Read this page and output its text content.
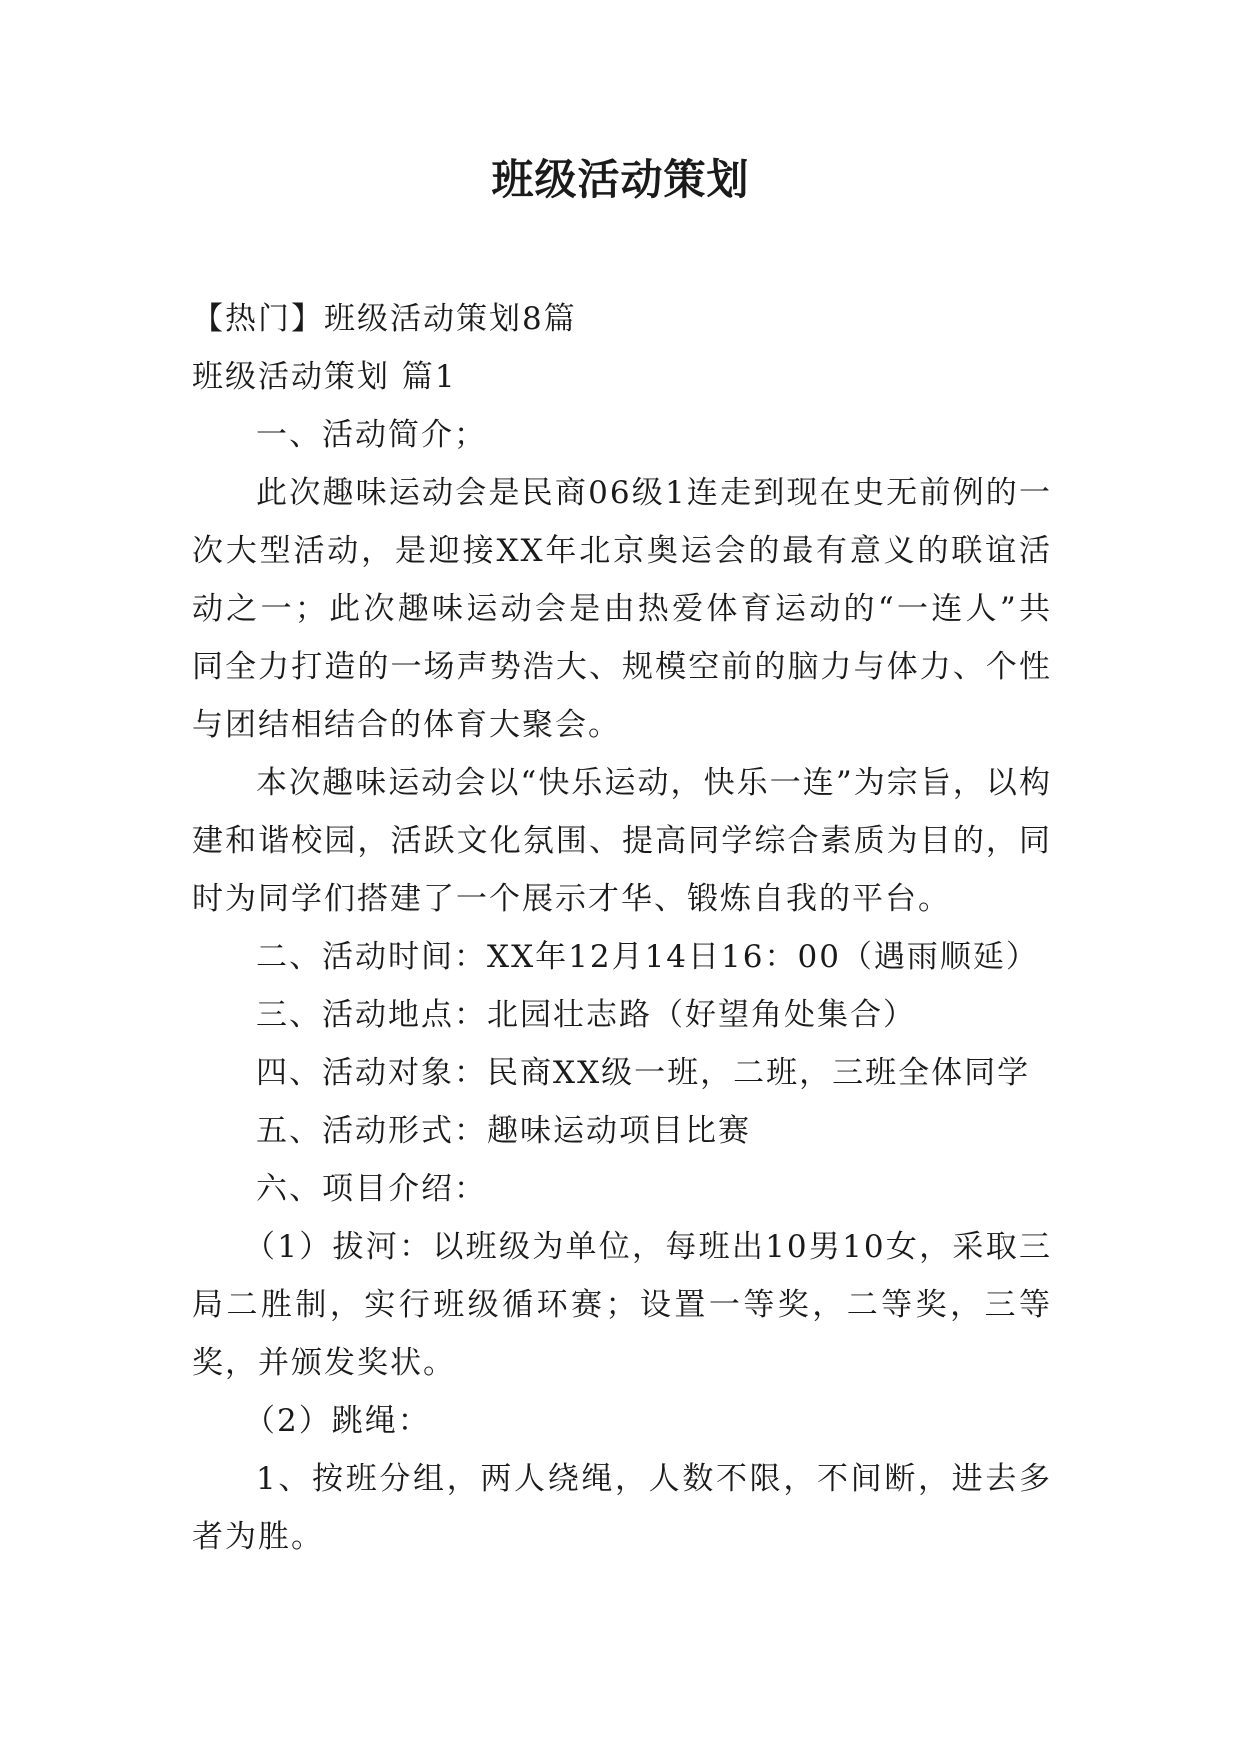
班级活动策划

【热门】班级活动策划8篇

班级活动策划 篇1

一、活动简介；

此次趣味运动会是民商06级1连走到现在史无前例的一次大型活动，是迎接XX年北京奥运会的最有意义的联谊活动之一；此次趣味运动会是由热爱体育运动的“一连人”共同全力打造的一场声势浩大、规模空前的脑力与体力、个性与团结相结合的体育大聚会。

本次趣味运动会以“快乐运动，快乐一连”为宗旨，以构建和谐校园，活跃文化氛围、提高同学综合素质为目的，同时为同学们搭建了一个展示才华、锻炼自我的平台。

二、活动时间：XX年12月14日16：00（遇雨顺延）

三、活动地点：北园壮志路（好望角处集合）

四、活动对象：民商XX级一班，二班，三班全体同学

五、活动形式：趣味运动项目比赛

六、项目介绍：

（1）拔河：以班级为单位，每班出10男10女，采取三局二胜制，实行班级循环赛；设置一等奖，二等奖，三等奖，并颁发奖状。

（2）跳绳：

1、按班分组，两人绕绳，人数不限，不间断，进去多者为胜。
